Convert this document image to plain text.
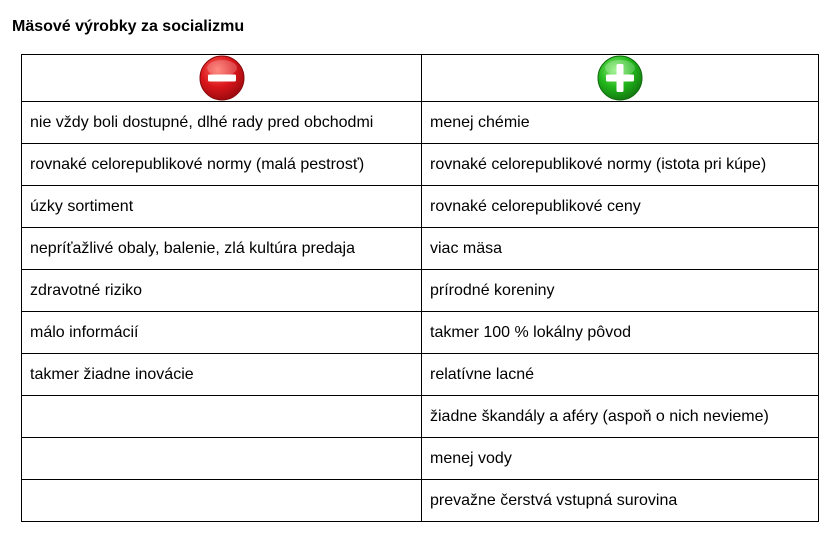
Mäsové výrobky za socializmu

nie vždy boli dostupné, dlhé rady pred obchodmi	menej chémie
rovnaké celorepublikové normy (malá pestrosť)	rovnaké celorepublikové normy (istota pri kúpe)
úzky sortiment	rovnaké celorepublikové ceny
nepríťažlivé obaly, balenie, zlá kultúra predaja	viac mäsa
zdravotné riziko	prírodné koreniny
málo informácií	takmer 100 % lokálny pôvod
takmer žiadne inovácie	relatívne lacné
	žiadne škandály a aféry (aspoň o nich nevieme)
	menej vody
	prevažne čerstvá vstupná surovina
